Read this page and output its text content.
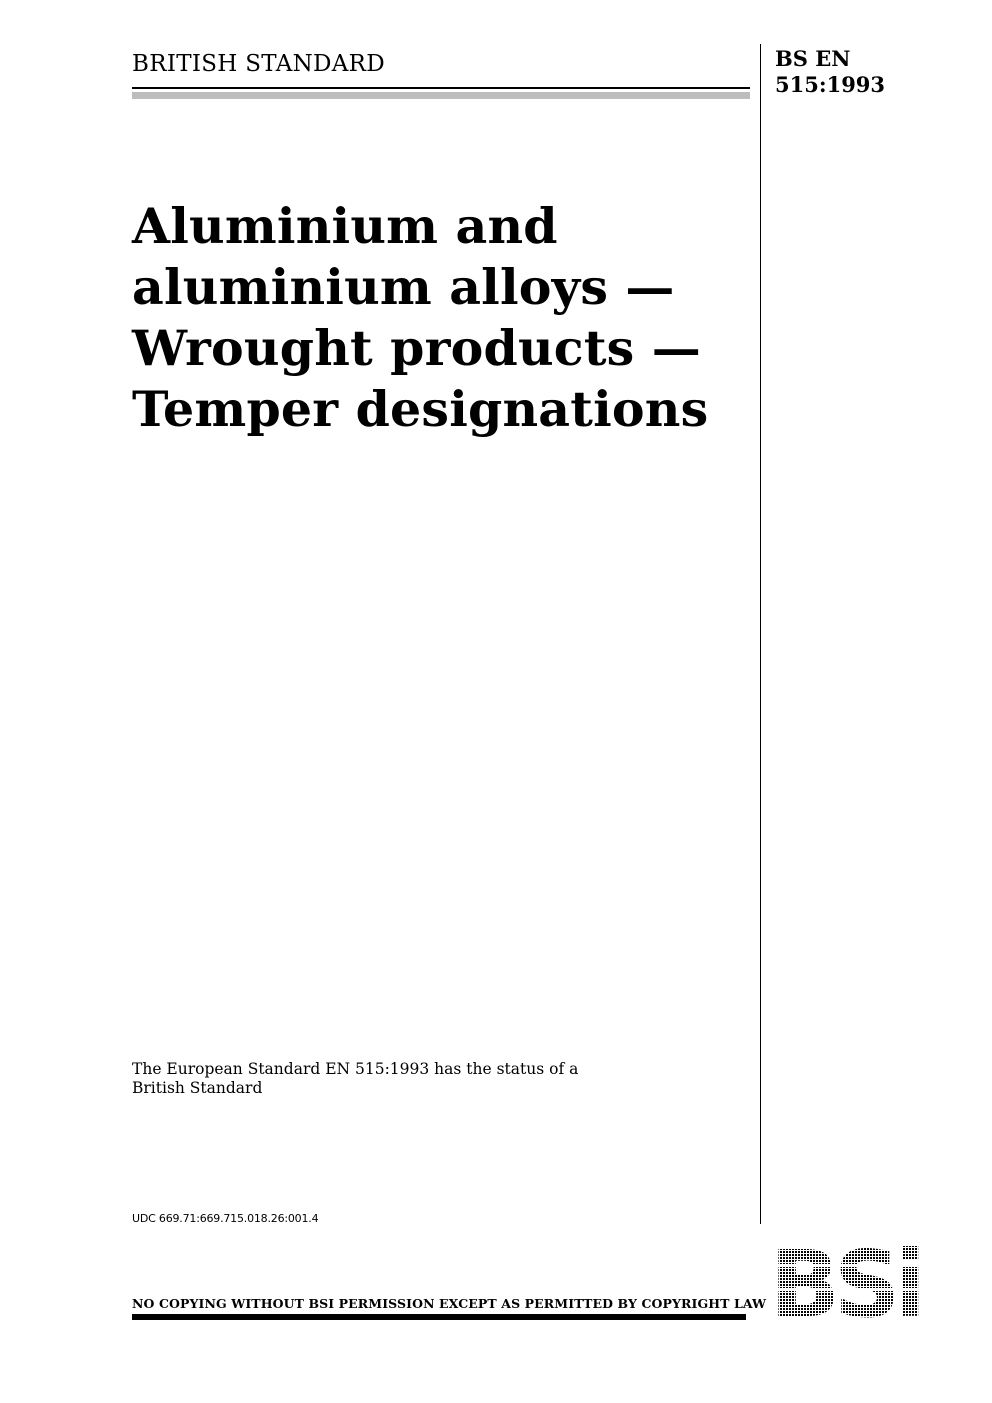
BRITISH STANDARD	BS EN
515:1993
Aluminium and
aluminium alloys —
Wrought products —
Temper designations
The European Standard EN 515:1993 has the status of a
British Standard
UDC 669.71:669.715.018.26:001.4
NO COPYING WITHOUT BSI PERMISSION EXCEPT AS PERMITTED BY COPYRIGHT LAW
